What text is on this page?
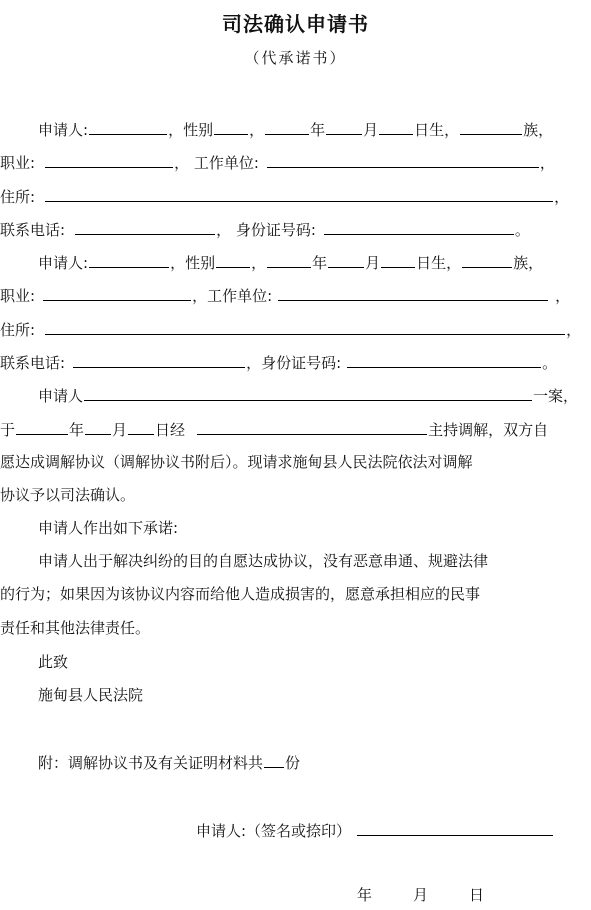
司法确认申请书
（代承诺书）
申请人:	，性别 ，	年	月 日生，	族，
职业:	， 工作单位:	，
住所:	，
联系电话:	， 身份证号码:	。
申请人:	，性别 ，	年	月 日生，	族，
职业:	，工作单位:	，
住所:	，
联系电话:	，身份证号码:	。
申请人	一案，
于	年 月 日经	主持调解，双方自
愿达成调解协议（调解协议书附后）。现请求施甸县人民法院依法对调解
协议予以司法确认。
申请人作出如下承诺:
申请人出于解决纠纷的目的自愿达成协议，没有恶意串通、规避法律
的行为；如果因为该协议内容而给他人造成损害的，愿意承担相应的民事
责任和其他法律责任。
此致
施甸县人民法院
附：调解协议书及有关证明材料共 份
申请人:（签名或捺印）
年	月	日
